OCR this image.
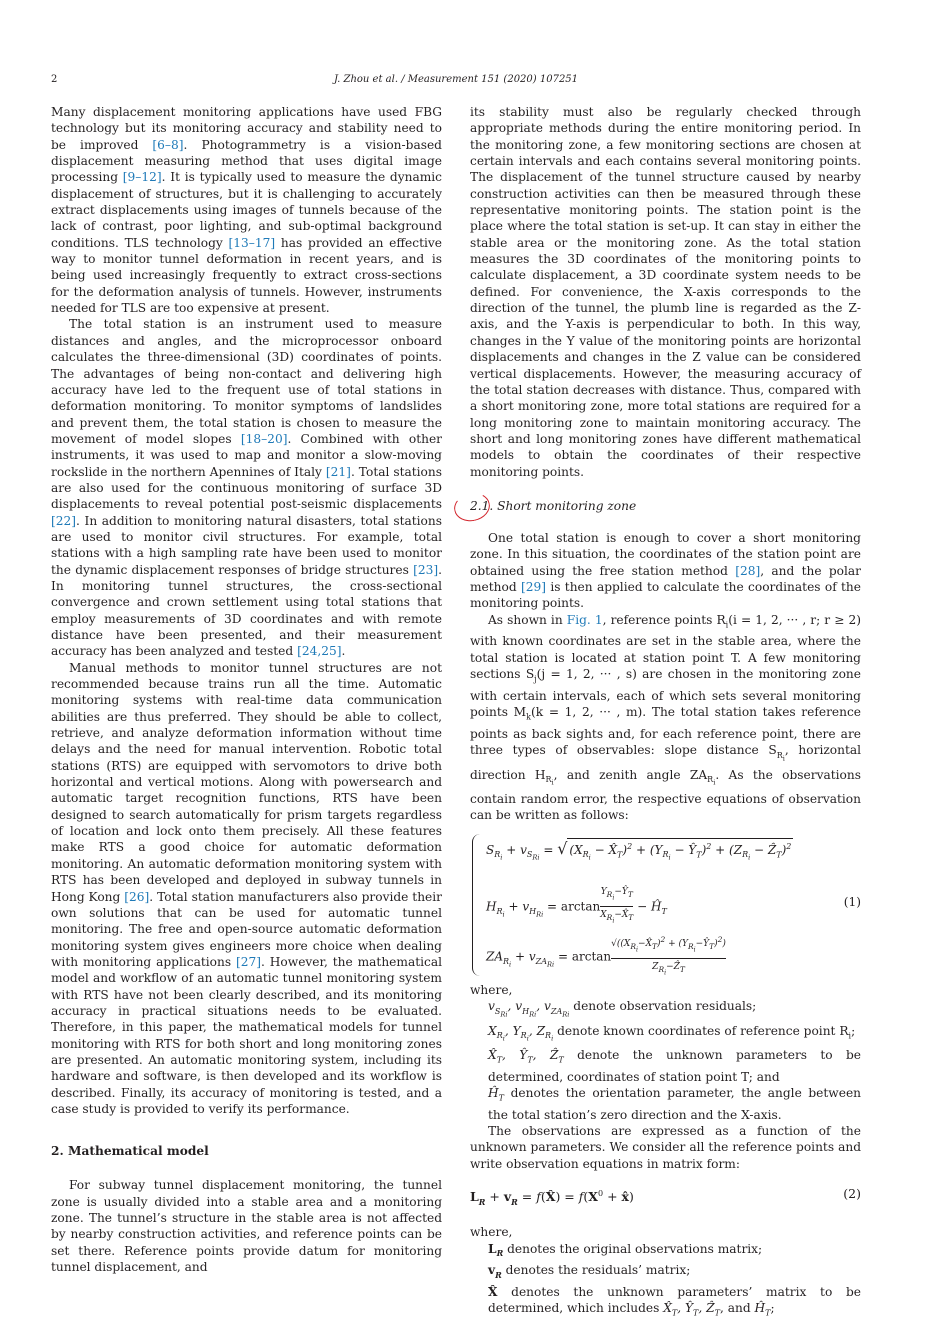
2	J. Zhou et al. / Measurement 151 (2020) 107251

Many displacement monitoring applications have used FBG technology but its monitoring accuracy and stability need to be improved [6–8]. Photogrammetry is a vision-based displacement measuring method that uses digital image processing [9–12]. It is typically used to measure the dynamic displacement of structures, but it is challenging to accurately extract displacements using images of tunnels because of the lack of contrast, poor lighting, and sub-optimal background conditions. TLS technology [13–17] has provided an effective way to monitor tunnel deformation in recent years, and is being used increasingly frequently to extract cross-sections for the deformation analysis of tunnels. However, instruments needed for TLS are too expensive at present.

The total station is an instrument used to measure distances and angles, and the microprocessor onboard calculates the three-dimensional (3D) coordinates of points. The advantages of being non-contact and delivering high accuracy have led to the frequent use of total stations in deformation monitoring. To monitor symptoms of landslides and prevent them, the total station is chosen to measure the movement of model slopes [18–20]. Combined with other instruments, it was used to map and monitor a slow-moving rockslide in the northern Apennines of Italy [21]. Total stations are also used for the continuous monitoring of surface 3D displacements to reveal potential post-seismic displacements [22]. In addition to monitoring natural disasters, total stations are used to monitor civil structures. For example, total stations with a high sampling rate have been used to monitor the dynamic displacement responses of bridge structures [23]. In monitoring tunnel structures, the cross-sectional convergence and crown settlement using total stations that employ measurements of 3D coordinates and with remote distance have been presented, and their measurement accuracy has been analyzed and tested [24,25].

Manual methods to monitor tunnel structures are not recommended because trains run all the time. Automatic monitoring systems with real-time data communication abilities are thus preferred. They should be able to collect, retrieve, and analyze deformation information without time delays and the need for manual intervention. Robotic total stations (RTS) are equipped with servomotors to drive both horizontal and vertical motions. Along with powersearch and automatic target recognition functions, RTS have been designed to search automatically for prism targets regardless of location and lock onto them precisely. All these features make RTS a good choice for automatic deformation monitoring. An automatic deformation monitoring system with RTS has been developed and deployed in subway tunnels in Hong Kong [26]. Total station manufacturers also provide their own solutions that can be used for automatic tunnel monitoring. The free and open-source automatic deformation monitoring system gives engineers more choice when dealing with monitoring applications [27]. However, the mathematical model and workflow of an automatic tunnel monitoring system with RTS have not been clearly described, and its monitoring accuracy in practical situations needs to be evaluated. Therefore, in this paper, the mathematical models for tunnel monitoring with RTS for both short and long monitoring zones are presented. An automatic monitoring system, including its hardware and software, is then developed and its workflow is described. Finally, its accuracy of monitoring is tested, and a case study is provided to verify its performance.

2. Mathematical model

For subway tunnel displacement monitoring, the tunnel zone is usually divided into a stable area and a monitoring zone. The tunnel’s structure in the stable area is not affected by nearby construction activities, and reference points can be set there. Reference points provide datum for monitoring tunnel displacement, and

its stability must also be regularly checked through appropriate methods during the entire monitoring period. In the monitoring zone, a few monitoring sections are chosen at certain intervals and each contains several monitoring points. The displacement of the tunnel structure caused by nearby construction activities can then be measured through these representative monitoring points. The station point is the place where the total station is set-up. It can stay in either the stable area or the monitoring zone. As the total station measures the 3D coordinates of the monitoring points to calculate displacement, a 3D coordinate system needs to be defined. For convenience, the X-axis corresponds to the direction of the tunnel, the plumb line is regarded as the Z-axis, and the Y-axis is perpendicular to both. In this way, changes in the Y value of the monitoring points are horizontal displacements and changes in the Z value can be considered vertical displacements. However, the measuring accuracy of the total station decreases with distance. Thus, compared with a short monitoring zone, more total stations are required for a long monitoring zone to maintain monitoring accuracy. The short and long monitoring zones have different mathematical models to obtain the coordinates of their respective monitoring points.

2.1. Short monitoring zone

One total station is enough to cover a short monitoring zone. In this situation, the coordinates of the station point are obtained using the free station method [28], and the polar method [29] is then applied to calculate the coordinates of the monitoring points.

As shown in Fig. 1, reference points $R_i(i = 1$, 2, ··· , r; r ≥ 2) with known coordinates are set in the stable area, where the total station is located at station point T. A few monitoring sections $S_j(j = 1$, 2, ··· , s) are chosen in the monitoring zone with certain intervals, each of which sets several monitoring points $M_k(k = 1$, 2, ··· , m). The total station takes reference points as back sights and, for each reference point, there are three types of observables: slope distance $S_{R_i}$, horizontal direction $H_{R_i}$, and zenith angle $ZA_{R_i}$. As the observations contain random error, the respective equations of observation can be written as follows:

$S_{R_i} + v_{S_{Ri}}$ = √ ($X_{R_i}$ − $X̂_T)^2 + (Y_{R_i}$ − $Ŷ_T)^2 + (Z_{R_i}$ − Ẑ$_T$)$^2$
$H_{R_i} + v_{H_{Ri}} = \arctan$
$Y_{R_i}-Ŷ_T$
$X_{R_i}-X̂_T$
− $Ĥ_T$
$ZA_{R_i} + v_{ZA_{Ri}} = \arctan$
$√((X_{R_i}-X̂_T)^2$ + $(Y_{R_i}-Ŷ_T)^2$)
$Z_{R_i}-Ẑ_T$
(1)

where,

$v_{S_{Ri}}$, $v_{H_{Ri}}$, $v_{ZA_{Ri}}$ denote observation residuals;

$X_{R_i}$, $Y_{R_i}$, $Z_{R_i}$ denote known coordinates of reference point $R_i$;

$X̂_T$, $Ŷ_T$, Ẑ$_T$ denote the unknown parameters to be determined, coordinates of station point T; and

$Ĥ_T$ denotes the orientation parameter, the angle between the total station’s zero direction and the X-axis.

The observations are expressed as a function of the unknown parameters. We consider all the reference points and write observation equations in matrix form:

$L_R + v_R$ = f(X̂) = $f(X^0$ + x̂)	(2)

where,

$L_R$ denotes the original observations matrix;

$v_R$ denotes the residuals’ matrix;

X̂ denotes the unknown parameters’ matrix to be determined, which includes $X̂_T$, $Ŷ_T$, Ẑ$_T$, and $Ĥ_T$;
